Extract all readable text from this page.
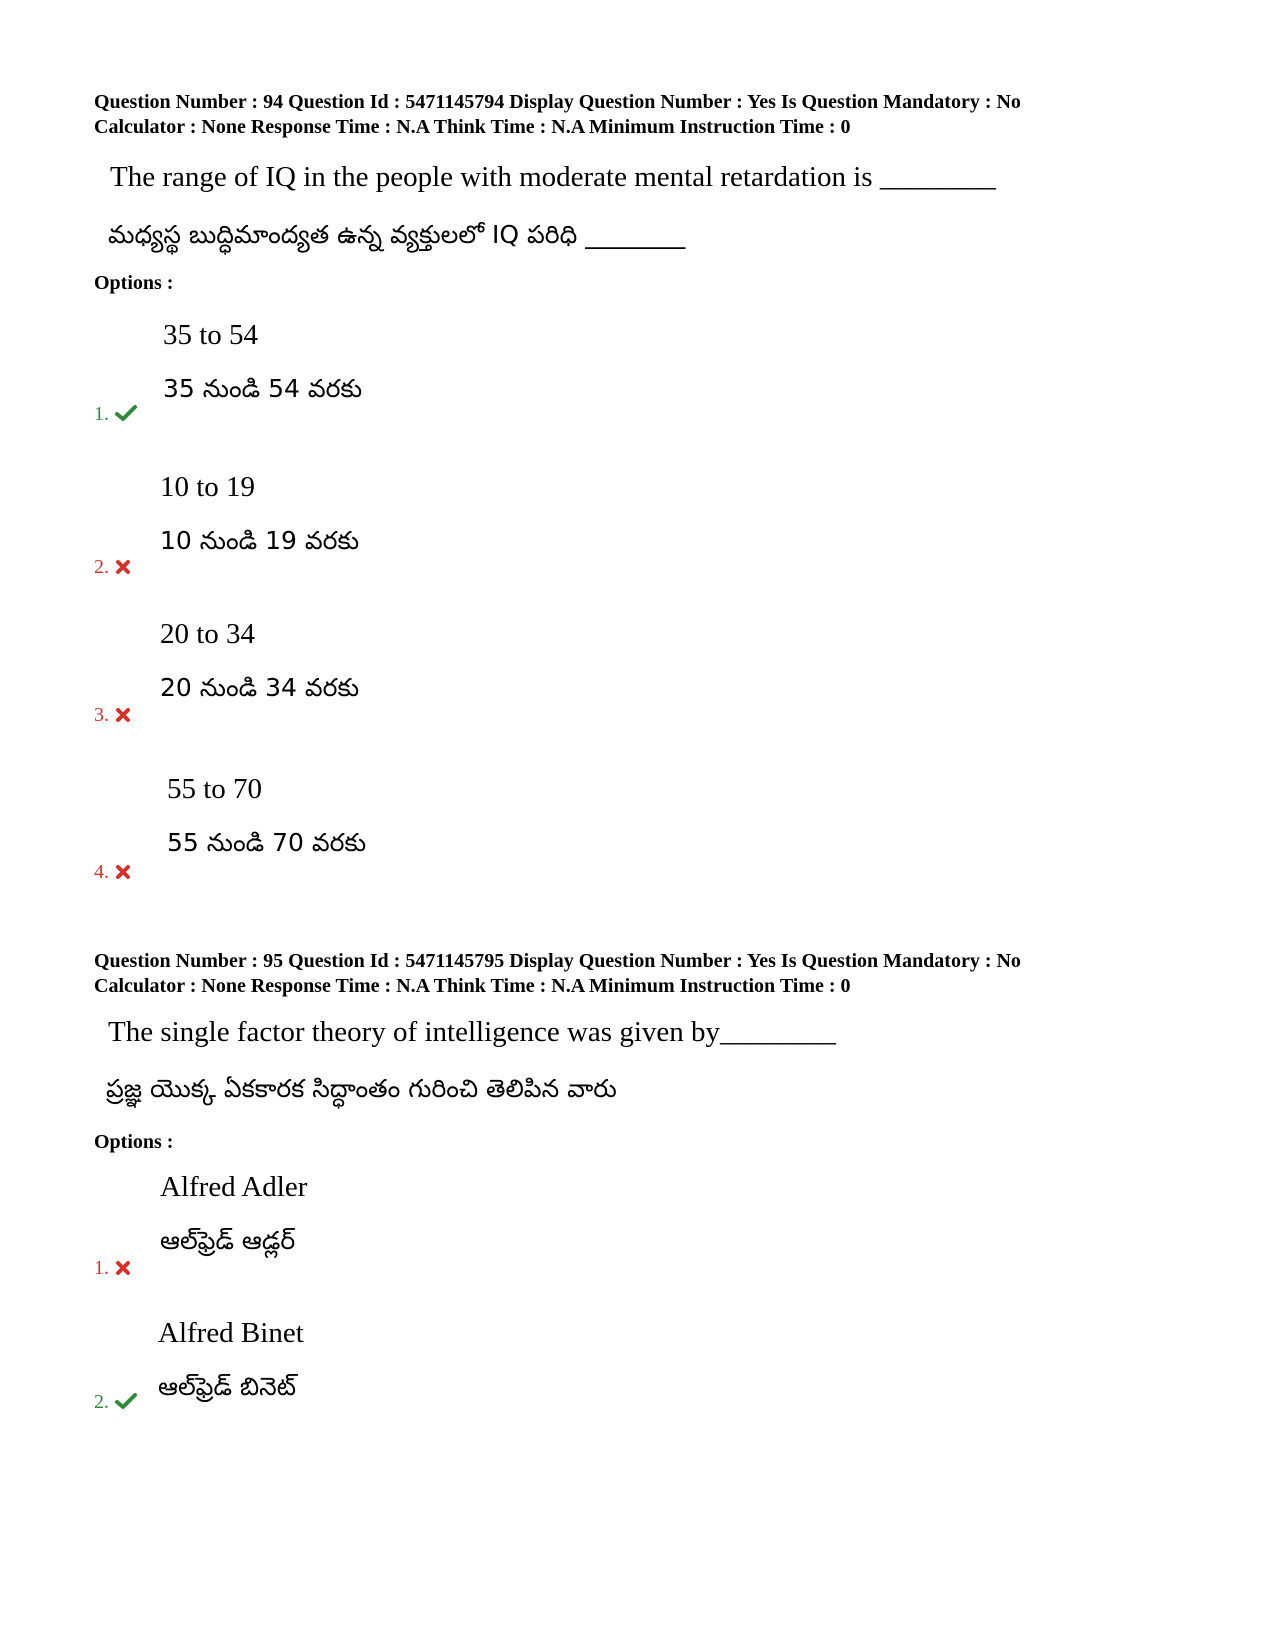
Question Number : 94 Question Id : 5471145794 Display Question Number : Yes Is Question Mandatory : No
Calculator : None Response Time : N.A Think Time : N.A Minimum Instruction Time : 0
The range of IQ in the people with moderate mental retardation is ________
మధ్యస్థ బుద్ధిమాంద్యత ఉన్న వ్యక్తులలో IQ పరిధి ________
Options :
35 to 54
35 నుండి 54 వరకు
1.
10 to 19
10 నుండి 19 వరకు
2.
20 to 34
20 నుండి 34 వరకు
3.
55 to 70
55 నుండి 70 వరకు
4.
Question Number : 95 Question Id : 5471145795 Display Question Number : Yes Is Question Mandatory : No
Calculator : None Response Time : N.A Think Time : N.A Minimum Instruction Time : 0
The single factor theory of intelligence was given by________
ప్రజ్ఞ యొక్క ఏకకారక సిద్ధాంతం గురించి తెలిపిన వారు
Options :
Alfred Adler
ఆల్‌ఫ్రెడ్ ఆడ్లర్
1.
Alfred Binet
ఆల్‌ఫ్రెడ్ బినెట్
2.
